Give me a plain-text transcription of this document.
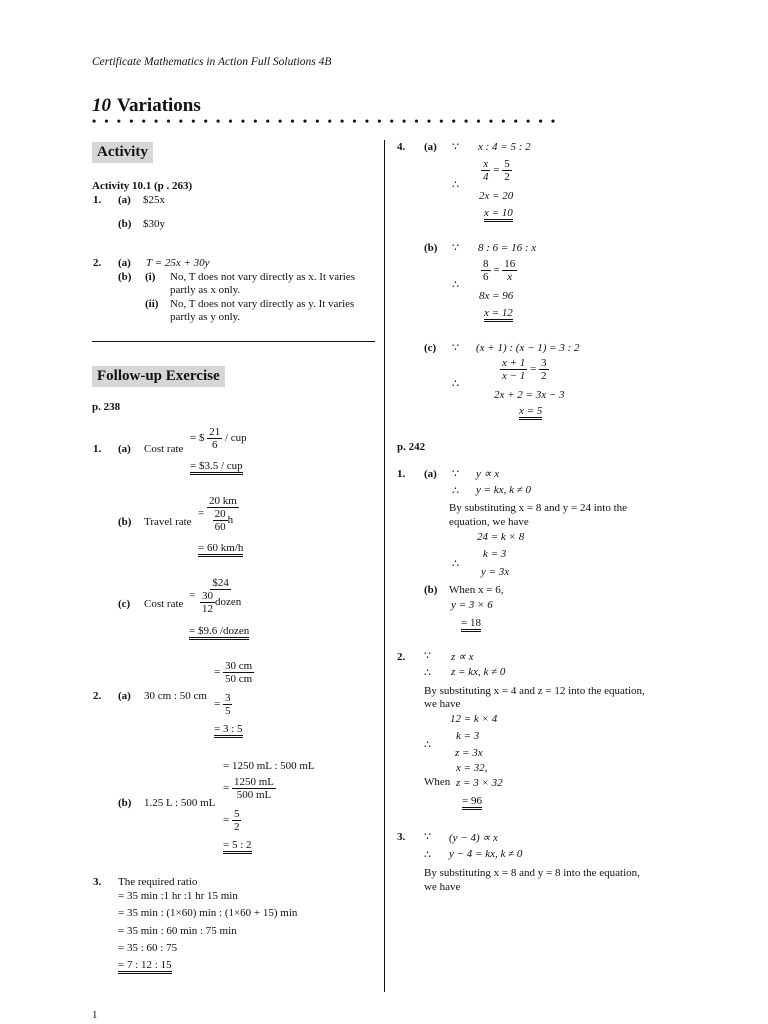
Certificate Mathematics in Action Full Solutions 4B
10 Variations
••••••••••••••••••••••••••••••••••••••
Activity
Activity 10.1 (p . 263)
1. (a) $25x
(b) $30y
2. (a) T = 25x + 30y
(b) (i) No, T does not vary directly as x. It varies
partly as x only.
(ii) No, T does not vary directly as y. It varies
partly as y only.
Follow-up Exercise
p. 238
1. (a) Cost rate
= $ $\frac{21}{6}$ / cup
= $3.5 / cup
(b) Travel rate
= $\frac{20 km}{\frac{20}{60} h}$
= 60 km/h
(c) Cost rate
= $\frac{\$24}{\frac{30}{12} dozen}$
= $9.6 /dozen
= $\frac{30 cm}{50 cm}$
2. (a) 30 cm : 50 cm
= $\frac{3}{5}$
= 3 : 5
= 1250 mL : 500 mL
= $\frac{1250 mL}{500 mL}$
(b) 1.25 L : 500 mL
= $\frac{5}{2}$
= 5 : 2
3. The required ratio
= 35 min :1 hr :1 hr 15 min
= 35 min : (1×60) min : (1×60 + 15) min
= 35 min : 60 min : 75 min
= 35 : 60 : 75
= 7 : 12 : 15
4. (a) ∵ x : 4 = 5 : 2
∴
$\frac{x}{4} = \frac{5}{2}$
2x = 20
x = 10
(b) ∵ 8 : 6 = 16 : x
∴
$\frac{8}{6} = \frac{16}{x}$
8x = 96
x = 12
(c) ∵ (x + 1) : (x − 1) = 3 : 2
∴
$\frac{x + 1}{x - 1} = \frac{3}{2}$
2x + 2 = 3x − 3
x = 5
p. 242
1. (a) ∵ y ∝ x
∴ y = kx, k ≠ 0
By substituting x = 8 and y = 24 into the
equation, we have
24 = k × 8
∴
k = 3
y = 3x
(b) When x = 6,
y = 3 × 6
= 18
2. ∵ z ∝ x
∴ z = kx, k ≠ 0
By substituting x = 4 and z = 12 into the equation,
we have
12 = k × 4
∴
k = 3
z = 3x
x = 32,
When z = 3 × 32
= 96
3. ∵ (y − 4) ∝ x
∴ y − 4 = kx, k ≠ 0
By substituting x = 8 and y = 8 into the equation,
we have
1
